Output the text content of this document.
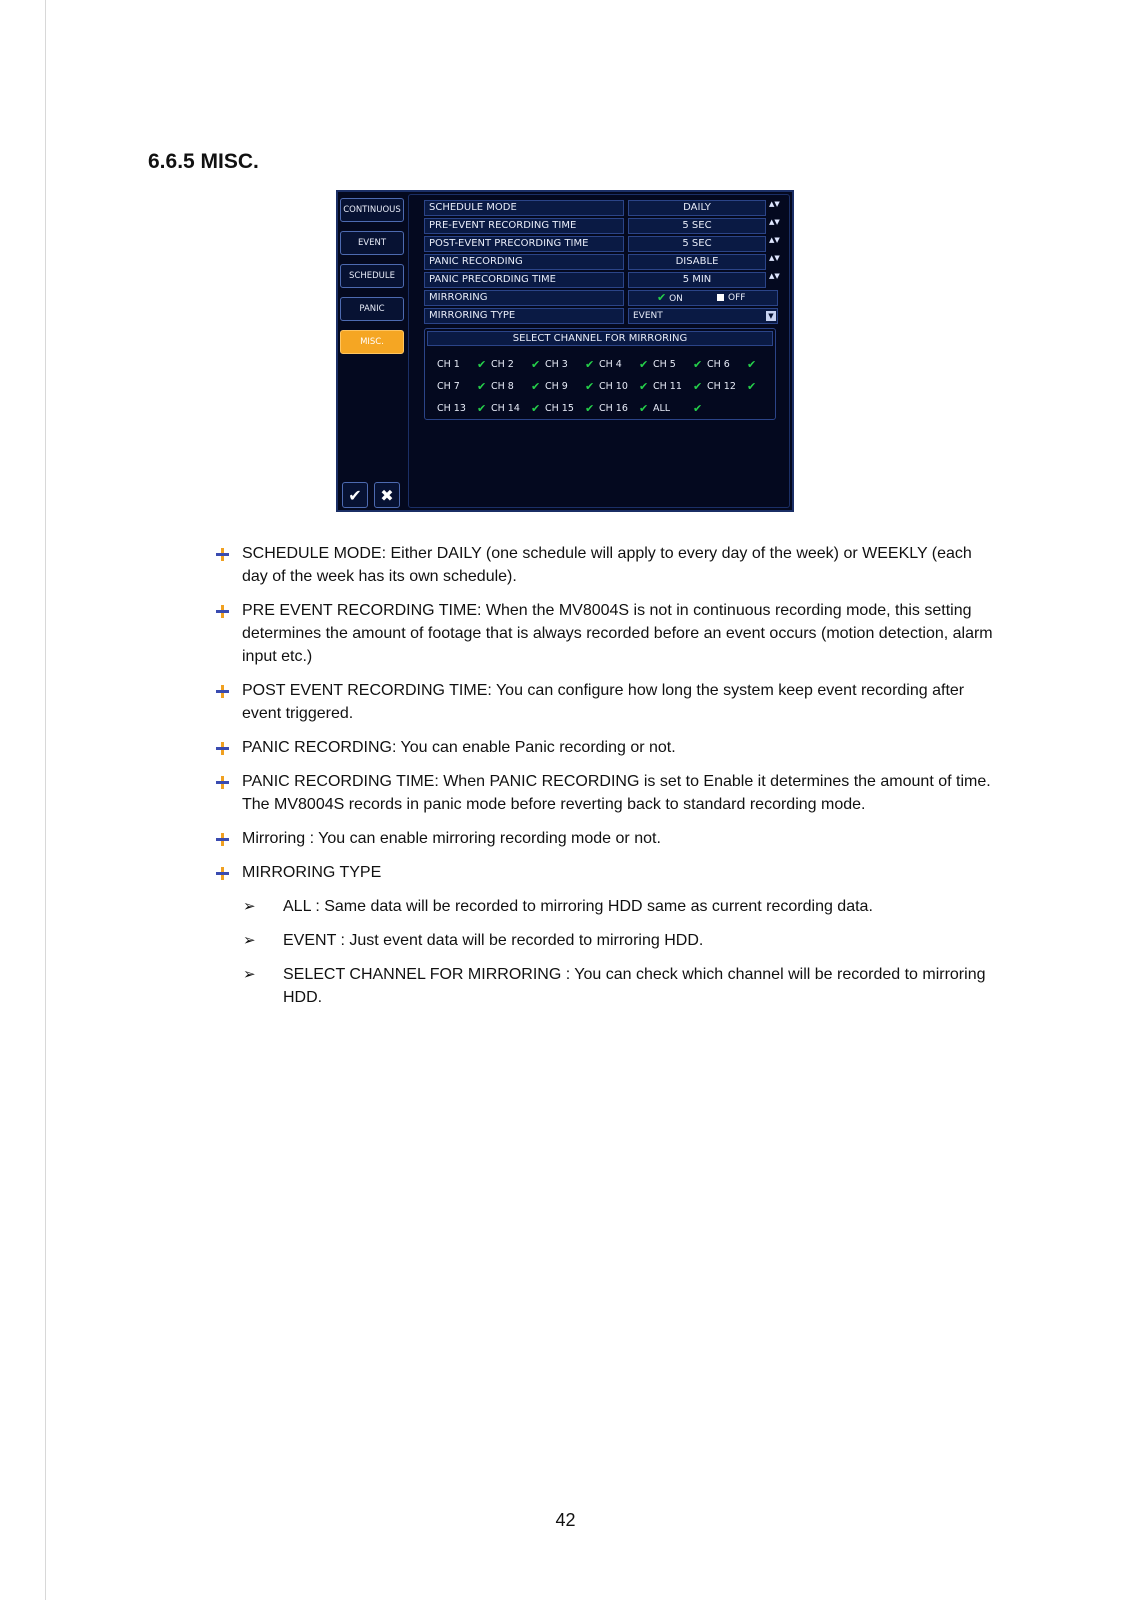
6.6.5 MISC.
CONTINUOUS
EVENT
SCHEDULE
PANIC
MISC.
SCHEDULE MODE	DAILY	▲▼
PRE-EVENT RECORDING TIME	5 SEC	▲▼
POST-EVENT PRECORDING TIME	5 SEC	▲▼
PANIC RECORDING	DISABLE	▲▼
PANIC PRECORDING TIME	5 MIN	▲▼
MIRRORING	✔ ON	OFF
MIRRORING TYPE	EVENT	▼
SELECT CHANNEL FOR MIRRORING
CH 1	✔ CH 2	✔ CH 3	✔ CH 4	✔ CH 5	✔ CH 6	✔
CH 7	✔ CH 8	✔ CH 9	✔ CH 10	✔ CH 11	✔ CH 12	✔
CH 13	✔ CH 14	✔ CH 15	✔ CH 16	✔ ALL	✔
✔ ✖
SCHEDULE MODE: Either DAILY (one schedule will apply to every day of the week) or WEEKLY (each day of the week has its own schedule).
PRE EVENT RECORDING TIME: When the MV8004S is not in continuous recording mode, this setting determines the amount of footage that is always recorded before an event occurs (motion detection, alarm input etc.)
POST EVENT RECORDING TIME: You can configure how long the system keep event recording after event triggered.
PANIC RECORDING: You can enable Panic recording or not.
PANIC RECORDING TIME: When PANIC RECORDING is set to Enable it determines the amount of time. The MV8004S records in panic mode before reverting back to standard recording mode.
Mirroring : You can enable mirroring recording mode or not.
MIRRORING TYPE
➢ ALL : Same data will be recorded to mirroring HDD same as current recording data.
➢ EVENT : Just event data will be recorded to mirroring HDD.
➢ SELECT CHANNEL FOR MIRRORING : You can check which channel will be recorded to mirroring HDD.
42
